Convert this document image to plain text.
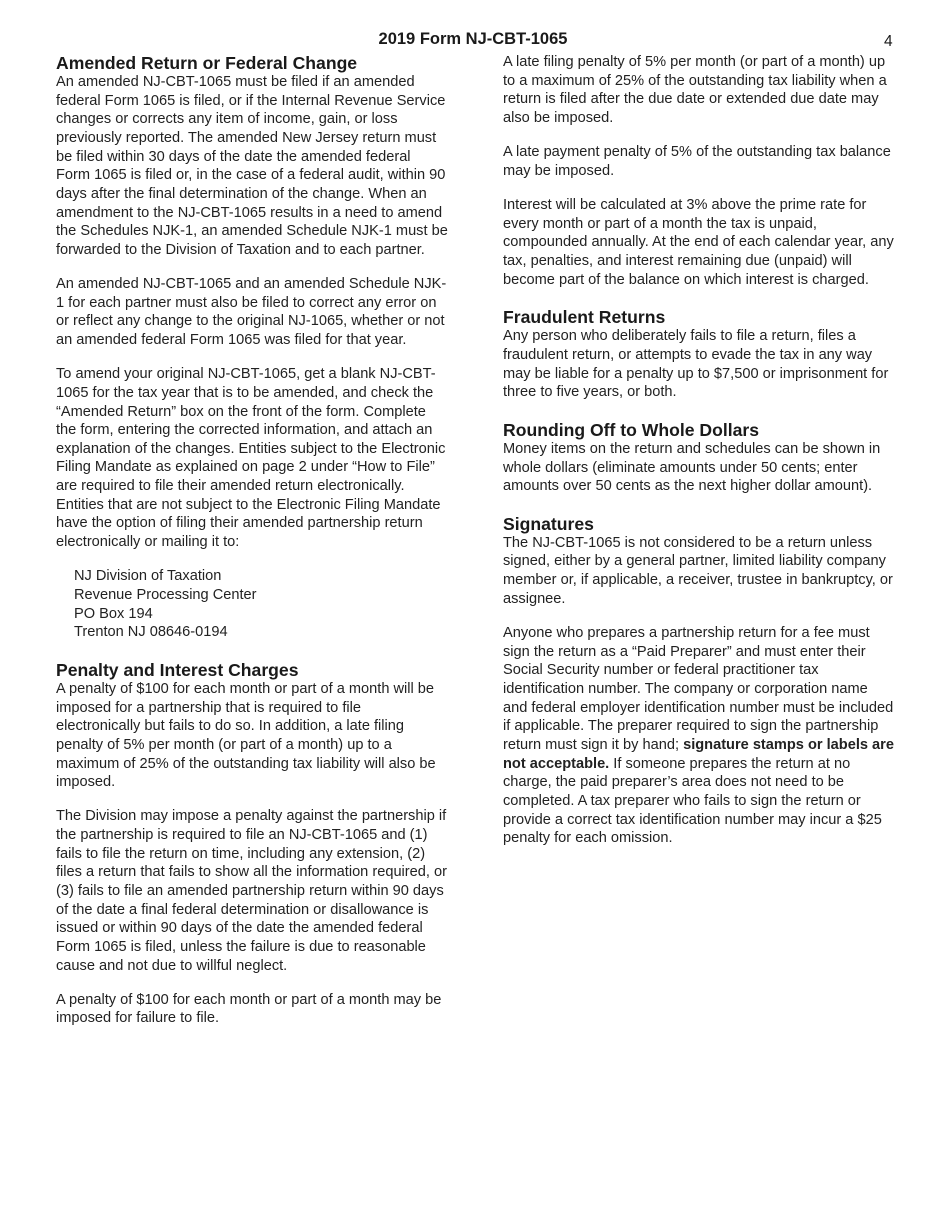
2019 Form NJ-CBT-1065	4
Amended Return or Federal Change

An amended NJ-CBT-1065 must be filed if an amended federal Form 1065 is filed, or if the Internal Revenue Service changes or corrects any item of income, gain, or loss previously reported. The amended New Jersey return must be filed within 30 days of the date the amended federal Form 1065 is filed or, in the case of a federal audit, within 90 days after the final determination of the change. When an amendment to the NJ-CBT-1065 results in a need to amend the Schedules NJK-1, an amended Schedule NJK-1 must be forwarded to the Division of Taxation and to each partner.

An amended NJ-CBT-1065 and an amended Schedule NJK-1 for each partner must also be filed to correct any error on or reflect any change to the original NJ-1065, whether or not an amended federal Form 1065 was filed for that year.

To amend your original NJ-CBT-1065, get a blank NJ-CBT-1065 for the tax year that is to be amended, and check the “Amended Return” box on the front of the form. Complete the form, entering the corrected information, and attach an explanation of the changes. Entities subject to the Electronic Filing Mandate as explained on page 2 under “How to File” are required to file their amended return electronically. Entities that are not subject to the Electronic Filing Mandate have the option of filing their amended partnership return electronically or mailing it to:

NJ Division of Taxation
Revenue Processing Center
PO Box 194
Trenton NJ 08646-0194
Penalty and Interest Charges

A penalty of $100 for each month or part of a month will be imposed for a partnership that is required to file electronically but fails to do so. In addition, a late filing penalty of 5% per month (or part of a month) up to a maximum of 25% of the outstanding tax liability will also be imposed.

The Division may impose a penalty against the partnership if the partnership is required to file an NJ-CBT-1065 and (1) fails to file the return on time, including any extension, (2) files a return that fails to show all the information required, or (3) fails to file an amended partnership return within 90 days of the date a final federal determination or disallowance is issued or within 90 days of the date the amended federal Form 1065 is filed, unless the failure is due to reasonable cause and not due to willful neglect.

A penalty of $100 for each month or part of a month may be imposed for failure to file.

A late filing penalty of 5% per month (or part of a month) up to a maximum of 25% of the outstanding tax liability when a return is filed after the due date or extended due date may also be imposed.

A late payment penalty of 5% of the outstanding tax balance may be imposed.

Interest will be calculated at 3% above the prime rate for every month or part of a month the tax is unpaid, compounded annually. At the end of each calendar year, any tax, penalties, and interest remaining due (unpaid) will become part of the balance on which interest is charged.

Fraudulent Returns

Any person who deliberately fails to file a return, files a fraudulent return, or attempts to evade the tax in any way may be liable for a penalty up to $7,500 or imprisonment for three to five years, or both.

Rounding Off to Whole Dollars

Money items on the return and schedules can be shown in whole dollars (eliminate amounts under 50 cents; enter amounts over 50 cents as the next higher dollar amount).

Signatures

The NJ-CBT-1065 is not considered to be a return unless signed, either by a general partner, limited liability company member or, if applicable, a receiver, trustee in bankruptcy, or assignee.

Anyone who prepares a partnership return for a fee must sign the return as a “Paid Preparer” and must enter their Social Security number or federal practitioner tax identification number. The company or corporation name and federal employer identification number must be included if applicable. The preparer required to sign the partnership return must sign it by hand; signature stamps or labels are not acceptable. If someone prepares the return at no charge, the paid preparer’s area does not need to be completed. A tax preparer who fails to sign the return or provide a correct tax identification number may incur a $25 penalty for each omission.
